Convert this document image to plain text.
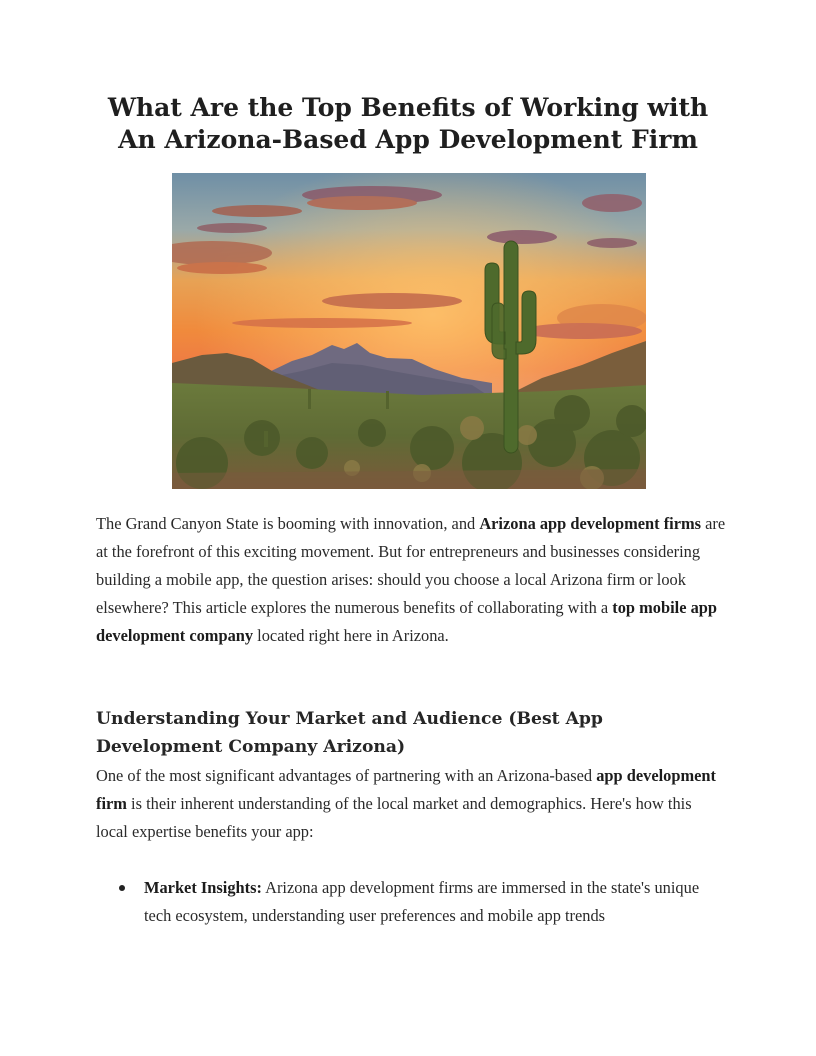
What Are the Top Benefits of Working with
An Arizona-Based App Development Firm

The Grand Canyon State is booming with innovation, and Arizona app development firms are at the forefront of this exciting movement. But for entrepreneurs and businesses considering building a mobile app, the question arises: should you choose a local Arizona firm or look elsewhere? This article explores the numerous benefits of collaborating with a top mobile app development company located right here in Arizona.

Understanding Your Market and Audience (Best App Development Company Arizona)

One of the most significant advantages of partnering with an Arizona-based app development firm is their inherent understanding of the local market and demographics. Here's how this local expertise benefits your app:

Market Insights: Arizona app development firms are immersed in the state's unique tech ecosystem, understanding user preferences and mobile app trends
